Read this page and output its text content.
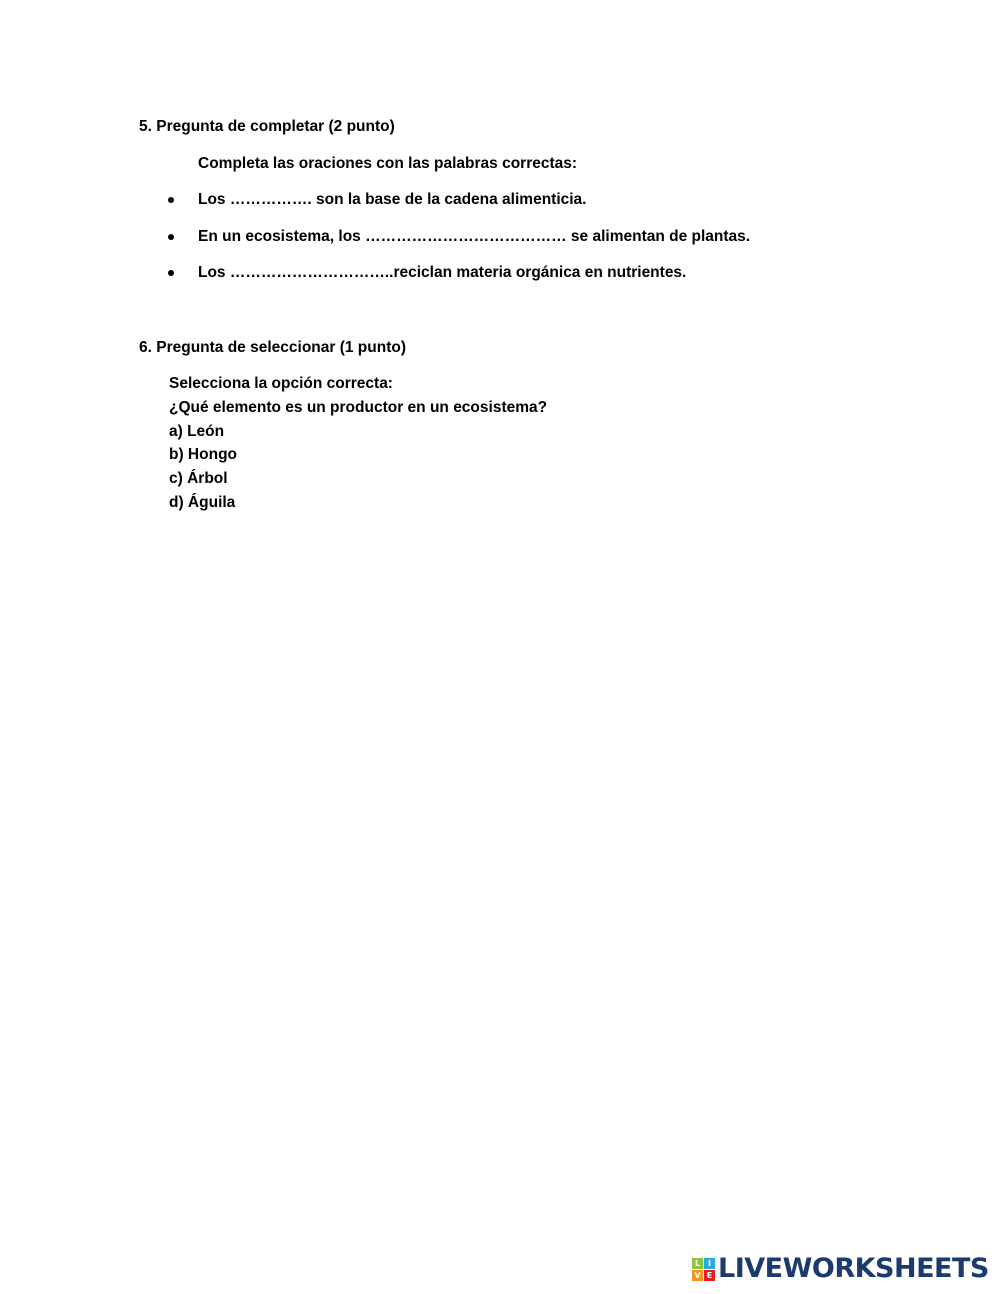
5. Pregunta de completar (2 punto)
Completa las oraciones con las palabras correctas:
Los ……………. son la base de la cadena alimenticia.
En un ecosistema, los ………………………………… se alimentan de plantas.
Los …………………………..reciclan materia orgánica en nutrientes.
6. Pregunta de seleccionar (1 punto)
Selecciona la opción correcta:
¿Qué elemento es un productor en un ecosistema?
a) León
b) Hongo
c) Árbol
d) Águila
L I
V E LIVEWORKSHEETS
